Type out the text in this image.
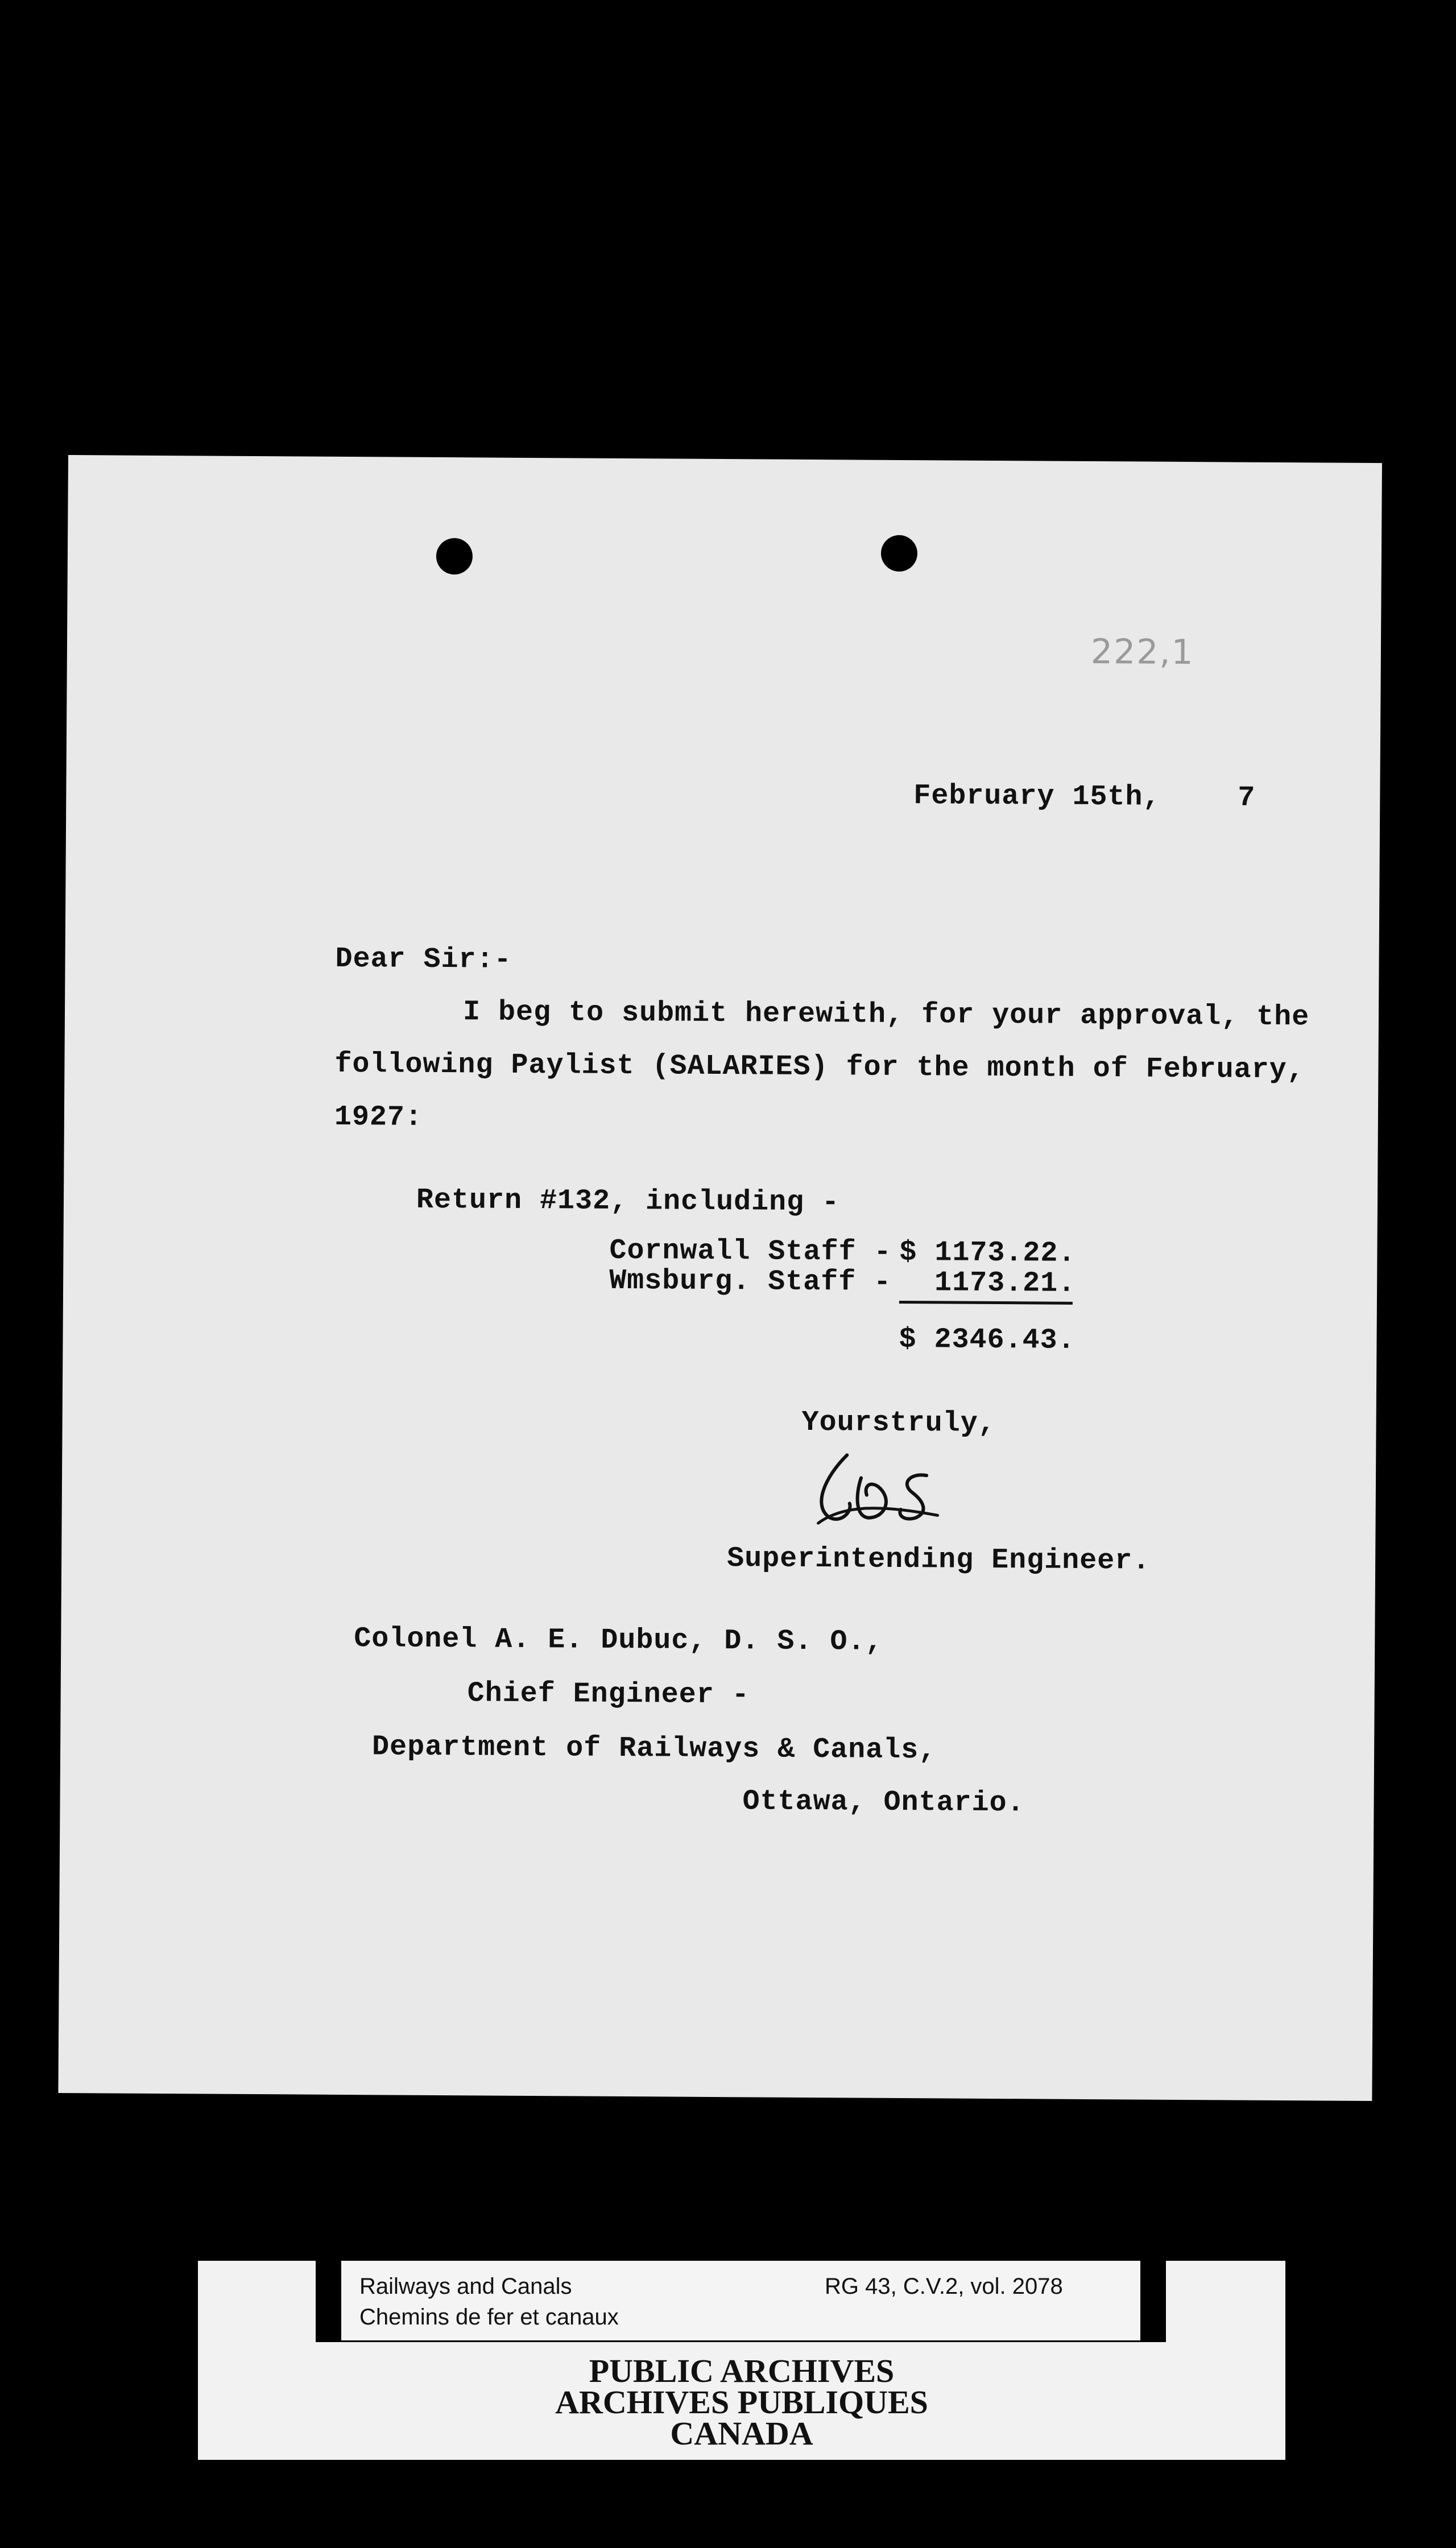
222,1
February 15th,	7
Dear Sir:-
I beg to submit herewith, for your approval, the
following Paylist (SALARIES) for the month of February,
1927:
Return #132, including -
Cornwall Staff - $ 1173.22.
Wmsburg. Staff - 1173.21.
$ 2346.43.
Yourstruly,
Superintending Engineer.
Colonel A. E. Dubuc, D. S. O.,
Chief Engineer -
Department of Railways & Canals,
Ottawa, Ontario.
Railways and Canals
Chemins de fer et canaux
RG 43, C.V.2, vol. 2078
PUBLIC ARCHIVES
ARCHIVES PUBLIQUES
CANADA
